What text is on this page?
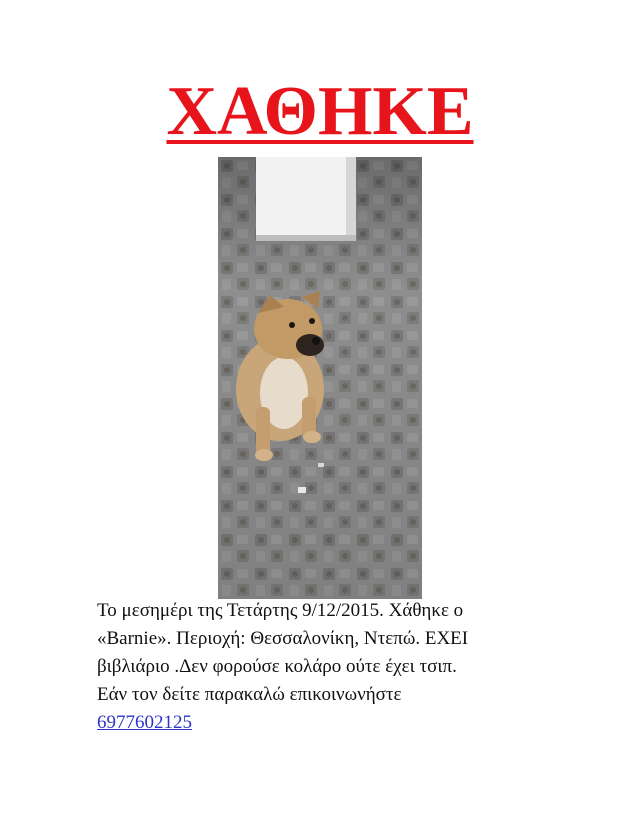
ΧΑΘΗΚΕ
Το μεσημέρι της Τετάρτης 9/12/2015. Χάθηκε ο
«Barnie». Περιοχή: Θεσσαλονίκη, Ντεπώ. ΕΧΕΙ
βιβλιάριο .Δεν φορούσε κολάρο ούτε έχει τσιπ.
Εάν τον δείτε παρακαλώ επικοινωνήστε
6977602125
